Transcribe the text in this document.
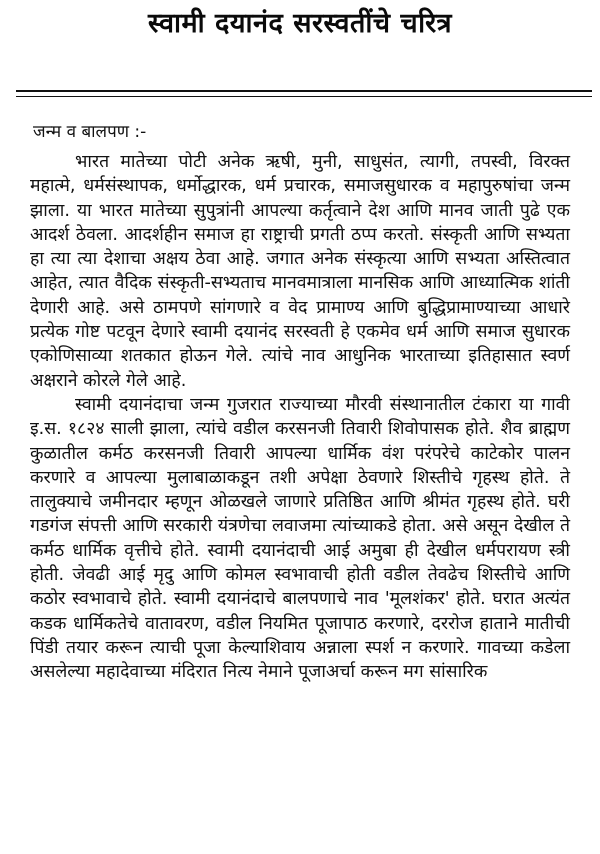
स्वामी दयानंद सरस्वतींचे चरित्र
जन्म व बालपण :-

भारत मातेच्या पोटी अनेक ऋषी, मुनी, साधुसंत, त्यागी, तपस्वी, विरक्त महात्मे, धर्मसंस्थापक, धर्मोद्धारक, धर्म प्रचारक, समाजसुधारक व महापुरुषांचा जन्म झाला. या भारत मातेच्या सुपुत्रांनी आपल्या कर्तृत्वाने देश आणि मानव जाती पुढे एक आदर्श ठेवला. आदर्शहीन समाज हा राष्ट्राची प्रगती ठप्प करतो. संस्कृती आणि सभ्यता हा त्या त्या देशाचा अक्षय ठेवा आहे. जगात अनेक संस्कृत्या आणि सभ्यता अस्तित्वात आहेत, त्यात वैदिक संस्कृती-सभ्यताच मानवमात्राला मानसिक आणि आध्यात्मिक शांती देणारी आहे. असे ठामपणे सांगणारे व वेद प्रामाण्य आणि बुद्धिप्रामाण्याच्या आधारे प्रत्येक गोष्ट पटवून देणारे स्वामी दयानंद सरस्वती हे एकमेव धर्म आणि समाज सुधारक एकोणिसाव्या शतकात होऊन गेले. त्यांचे नाव आधुनिक भारताच्या इतिहासात स्वर्ण अक्षराने कोरले गेले आहे.

स्वामी दयानंदाचा जन्म गुजरात राज्याच्या मौरवी संस्थानातील टंकारा या गावी इ.स. १८२४ साली झाला, त्यांचे वडील करसनजी तिवारी शिवोपासक होते. शैव ब्राह्मण कुळातील कर्मठ करसनजी तिवारी आपल्या धार्मिक वंश परंपरेचे काटेकोर पालन करणारे व आपल्या मुलाबाळाकडून तशी अपेक्षा ठेवणारे शिस्तीचे गृहस्थ होते. ते तालुक्याचे जमीनदार म्हणून ओळखले जाणारे प्रतिष्ठित आणि श्रीमंत गृहस्थ होते. घरी गडगंज संपत्ती आणि सरकारी यंत्रणेचा लवाजमा त्यांच्याकडे होता. असे असून देखील ते कर्मठ धार्मिक वृत्तीचे होते. स्वामी दयानंदाची आई अमुबा ही देखील धर्मपरायण स्त्री होती. जेवढी आई मृदु आणि कोमल स्वभावाची होती वडील तेवढेच शिस्तीचे आणि कठोर स्वभावाचे होते. स्वामी दयानंदाचे बालपणाचे नाव 'मूलशंकर' होते. घरात अत्यंत कडक धार्मिकतेचे वातावरण, वडील नियमित पूजापाठ करणारे, दररोज हाताने मातीची पिंडी तयार करून त्याची पूजा केल्याशिवाय अन्नाला स्पर्श न करणारे. गावच्या कडेला असलेल्या महादेवाच्या मंदिरात नित्य नेमाने पूजाअर्चा करून मग सांसारिक
